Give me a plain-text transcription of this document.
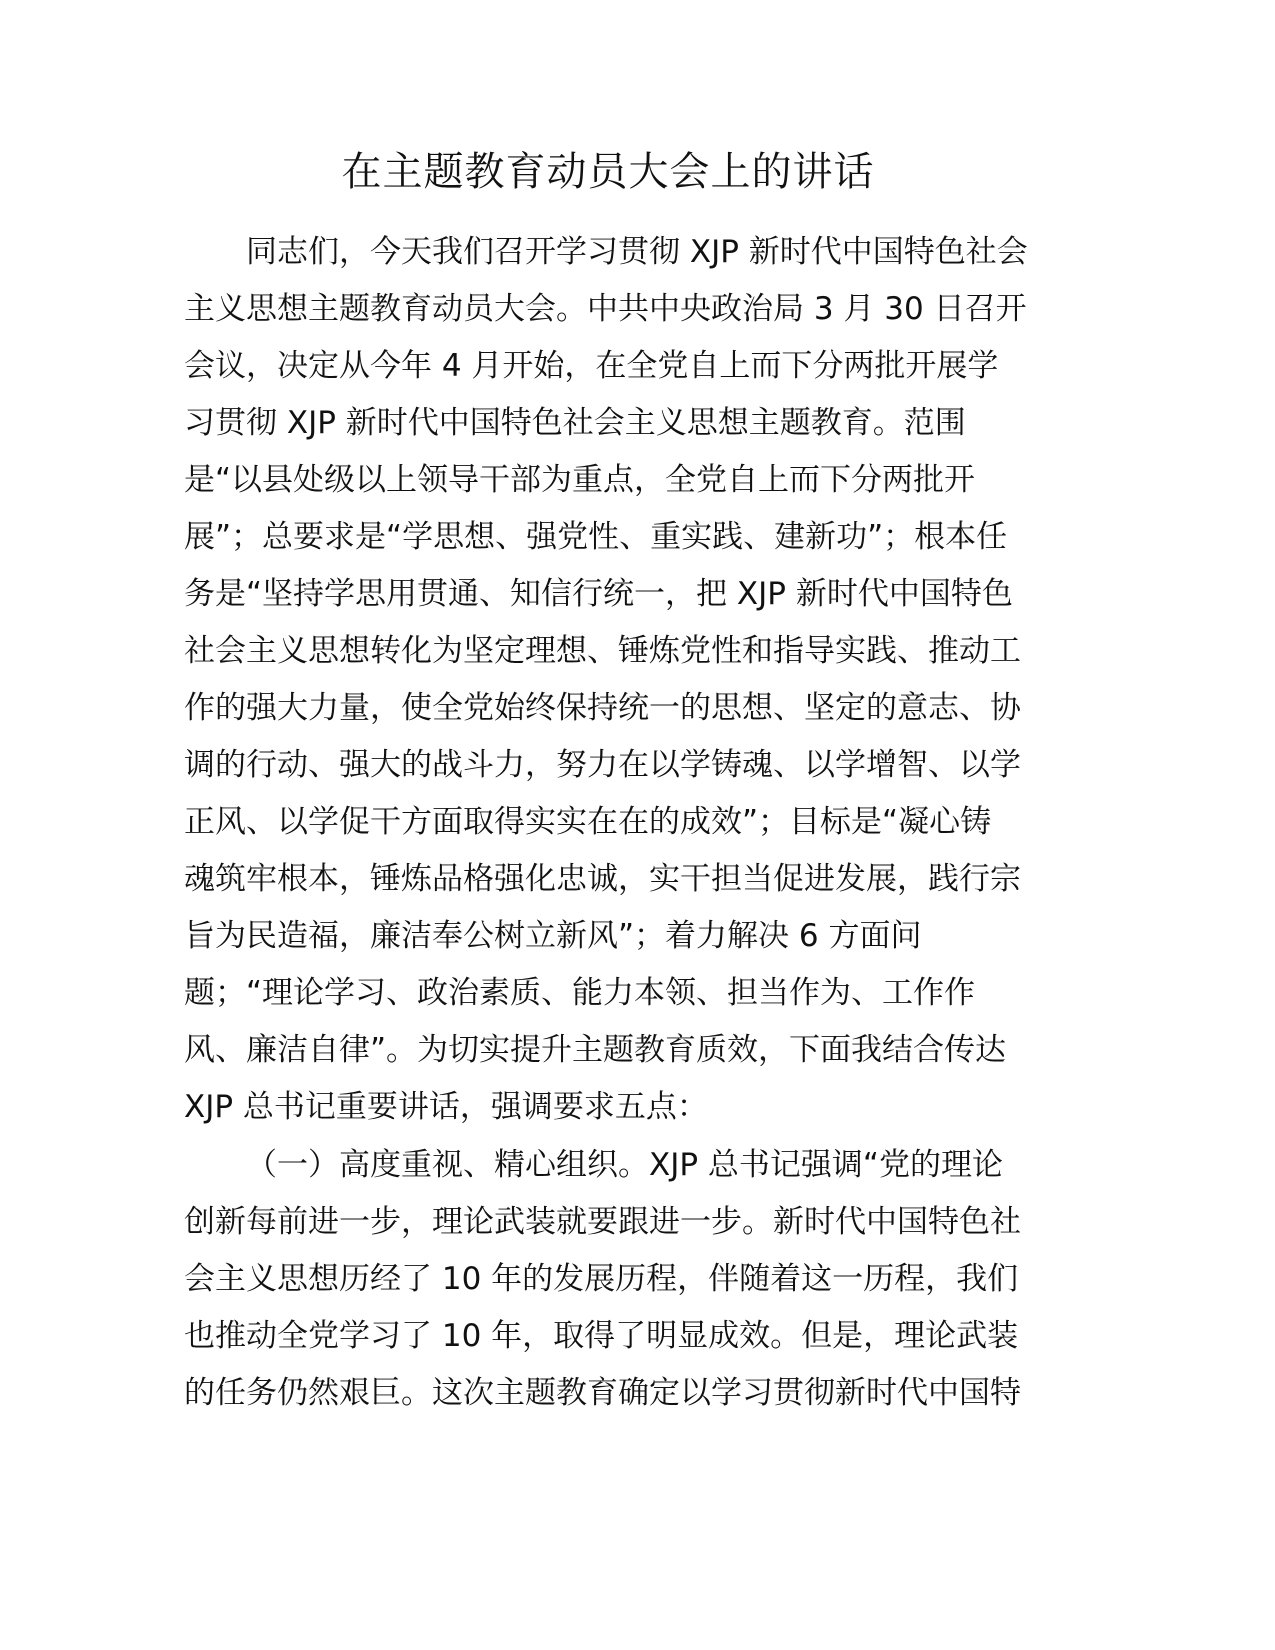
在主题教育动员大会上的讲话
同志们，今天我们召开学习贯彻 XJP 新时代中国特色社会
主义思想主题教育动员大会。中共中央政治局 3 月 30 日召开
会议，决定从今年 4 月开始，在全党自上而下分两批开展学
习贯彻 XJP 新时代中国特色社会主义思想主题教育。范围
是“以县处级以上领导干部为重点，全党自上而下分两批开
展”；总要求是“学思想、强党性、重实践、建新功”；根本任
务是“坚持学思用贯通、知信行统一，把 XJP 新时代中国特色
社会主义思想转化为坚定理想、锤炼党性和指导实践、推动工
作的强大力量，使全党始终保持统一的思想、坚定的意志、协
调的行动、强大的战斗力，努力在以学铸魂、以学增智、以学
正风、以学促干方面取得实实在在的成效”；目标是“凝心铸
魂筑牢根本，锤炼品格强化忠诚，实干担当促进发展，践行宗
旨为民造福，廉洁奉公树立新风”；着力解决 6 方面问
题；“理论学习、政治素质、能力本领、担当作为、工作作
风、廉洁自律”。为切实提升主题教育质效，下面我结合传达
XJP 总书记重要讲话，强调要求五点：
（一）高度重视、精心组织。XJP 总书记强调“党的理论
创新每前进一步，理论武装就要跟进一步。新时代中国特色社
会主义思想历经了 10 年的发展历程，伴随着这一历程，我们
也推动全党学习了 10 年，取得了明显成效。但是，理论武装
的任务仍然艰巨。这次主题教育确定以学习贯彻新时代中国特
